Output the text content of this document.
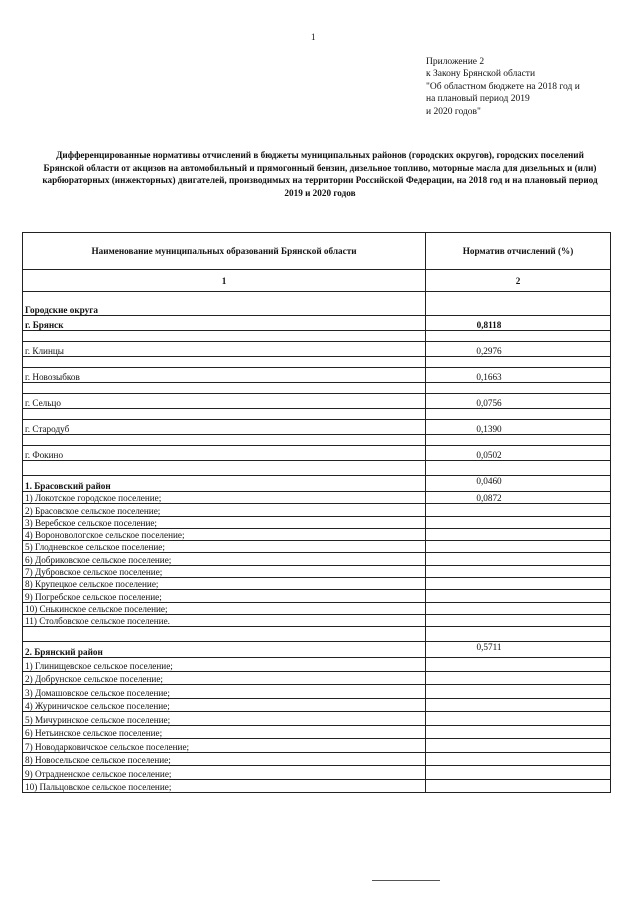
1
Приложение 2
к Закону Брянской области
"Об областном бюджете на 2018 год и
на плановый период 2019
и 2020 годов"
Дифференцированные нормативы отчислений в бюджеты муниципальных районов (городских округов), городских поселений Брянской области от акцизов на автомобильный и прямогонный бензин, дизельное топливо, моторные масла для дизельных и (или) карбюраторных (инжекторных) двигателей, производимых на территории Российской Федерации, на 2018 год и на плановый период 2019 и 2020 годов
Наименование муниципальных образований Брянской области	Норматив отчислений (%)
1	2
Городские округа	
г. Брянск	0,8118

г. Клинцы	0,2976

г. Новозыбков	0,1663

г. Сельцо	0,0756

г. Стародуб	0,1390

г. Фокино	0,0502

1. Брасовский район	0,0460
1) Локотское городское поселение;	0,0872
2) Брасовское сельское поселение;	
3) Веребское сельское поселение;	
4) Вороновологское сельское поселение;	
5) Глодневское сельское поселение;	
6) Добриковское сельское поселение;	
7) Дубровское сельское поселение;	
8) Крупецкое сельское поселение;	
9) Погребское сельское поселение;	
10) Снькинское сельское поселение;	
11) Столбовское сельское поселение.	

2. Брянский район	0,5711
1) Глинищевское сельское поселение;	
2) Добрунское сельское поселение;	
3) Домашовское сельское поселение;	
4) Журиничское сельское поселение;	
5) Мичуринское сельское поселение;	
6) Нетьинское сельское поселение;	
7) Новодарковичское сельское поселение;	
8) Новосельское сельское поселение;	
9) Отрадненское сельское поселение;	
10) Пальцовское сельское поселение;	
